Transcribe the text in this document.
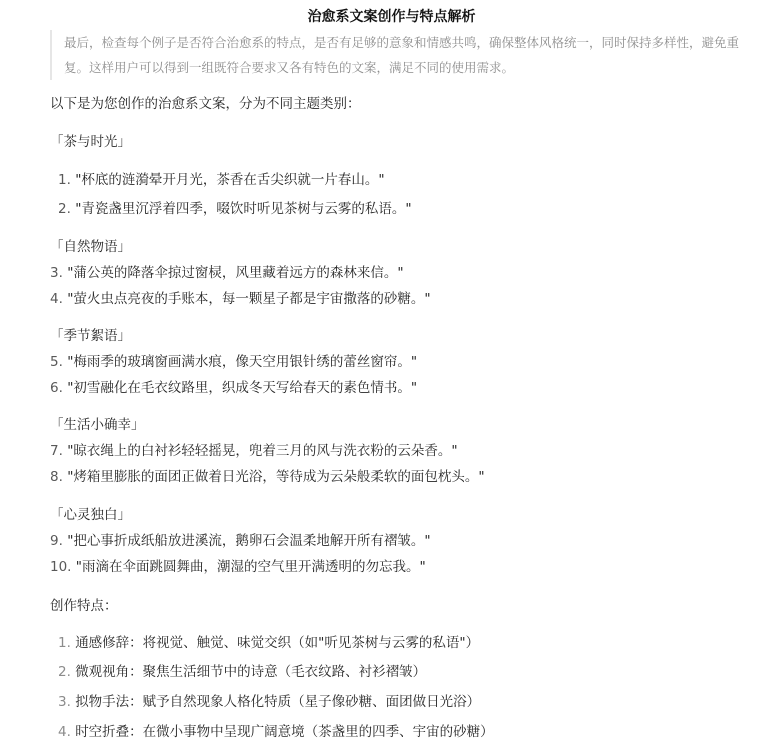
治愈系文案创作与特点解析
最后，检查每个例子是否符合治愈系的特点，是否有足够的意象和情感共鸣，确保整体风格统一，同时保持多样性，避免重复。这样用户可以得到一组既符合要求又各有特色的文案，满足不同的使用需求。
以下是为您创作的治愈系文案，分为不同主题类别：
「茶与时光」
1. "杯底的涟漪晕开月光，茶香在舌尖织就一片春山。"
2. "青瓷盏里沉浮着四季，啜饮时听见茶树与云雾的私语。"
「自然物语」
3. "蒲公英的降落伞掠过窗棂，风里藏着远方的森林来信。"
4. "萤火虫点亮夜的手账本，每一颗星子都是宇宙撒落的砂糖。"
「季节絮语」
5. "梅雨季的玻璃窗画满水痕，像天空用银针绣的蕾丝窗帘。"
6. "初雪融化在毛衣纹路里，织成冬天写给春天的素色情书。"
「生活小确幸」
7. "晾衣绳上的白衬衫轻轻摇晃，兜着三月的风与洗衣粉的云朵香。"
8. "烤箱里膨胀的面团正做着日光浴，等待成为云朵般柔软的面包枕头。"
「心灵独白」
9. "把心事折成纸船放进溪流，鹅卵石会温柔地解开所有褶皱。"
10. "雨滴在伞面跳圆舞曲，潮湿的空气里开满透明的勿忘我。"
创作特点：
1. 通感修辞：将视觉、触觉、味觉交织（如"听见茶树与云雾的私语"）
2. 微观视角：聚焦生活细节中的诗意（毛衣纹路、衬衫褶皱）
3. 拟物手法：赋予自然现象人格化特质（星子像砂糖、面团做日光浴）
4. 时空折叠：在微小事物中呈现广阔意境（茶盏里的四季、宇宙的砂糖）
